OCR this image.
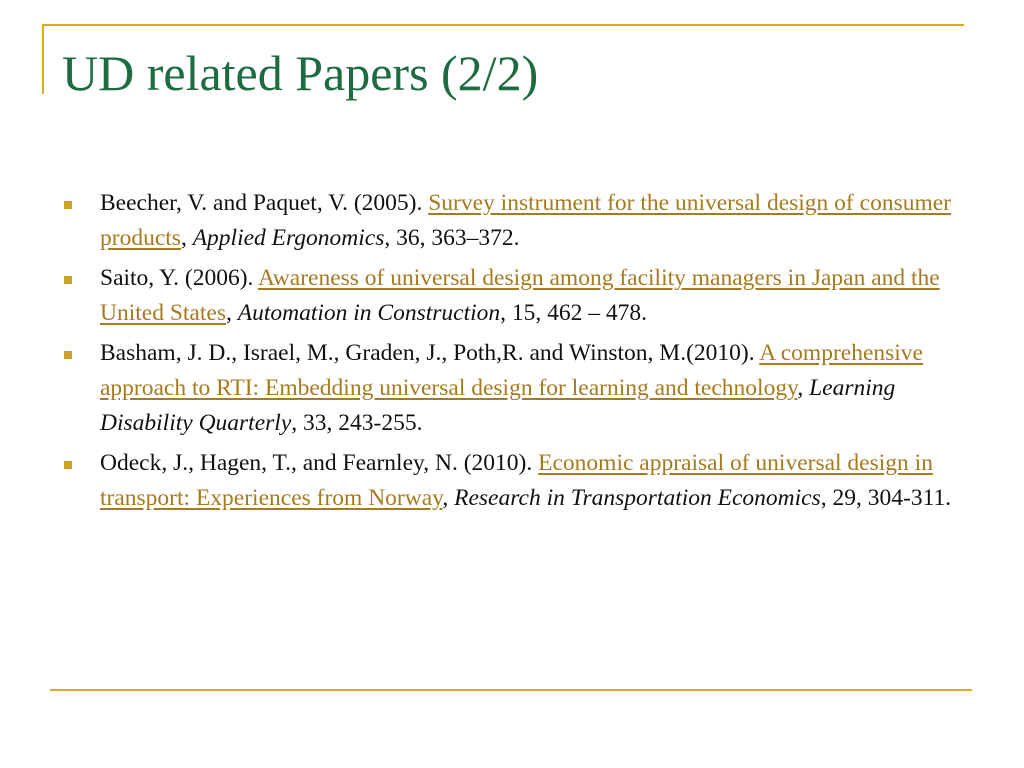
UD related Papers (2/2)
Beecher, V. and Paquet, V. (2005). Survey instrument for the universal design of consumer products, Applied Ergonomics, 36, 363–372.
Saito, Y. (2006). Awareness of universal design among facility managers in Japan and the United States, Automation in Construction, 15, 462 – 478.
Basham, J. D., Israel, M., Graden, J., Poth,R. and Winston, M.(2010). A comprehensive approach to RTI: Embedding universal design for learning and technology, Learning Disability Quarterly, 33, 243-255.
Odeck, J., Hagen, T., and Fearnley, N. (2010). Economic appraisal of universal design in transport: Experiences from Norway, Research in Transportation Economics, 29, 304-311.
